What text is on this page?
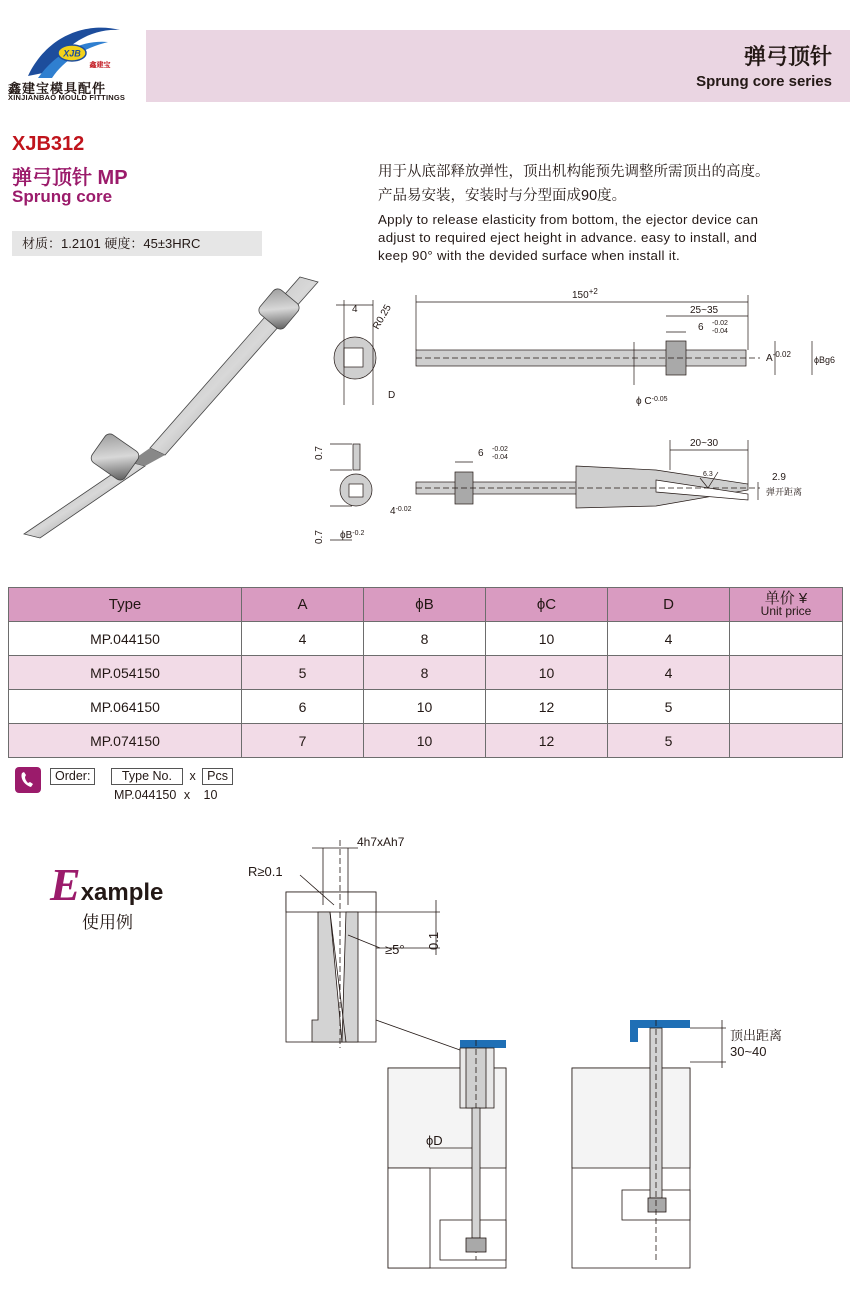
XJB
鑫建宝
鑫建宝模具配件
XINJIANBAO MOULD FITTINGS
弹弓顶针
Sprung core series
XJB312
弹弓顶针 MP
Sprung core
材质：1.2101 硬度：45±3HRC
用于从底部释放弹性，顶出机构能预先调整所需顶出的高度。
产品易安装，安装时与分型面成90度。
Apply to release elasticity from bottom, the ejector device can
adjust to required eject height in advance. easy to install, and
keep 90° with the devided surface when install it.
4 R0.25
D
$150^{+2}$
25~35
6 -0.02
-0.04
$A^{-0.02}$
ϕBg6
ϕ $C^{-0.05}$
0.7
0.7
$4^{-0.02}$
$\phi B^{-0.2}$
20~30
6 -0.02
-0.04
6.3	2.9
弹开距离
Type	A	ϕB	ϕC	D	单价 ¥
Unit price

MP.044150	4	8	10	4	
MP.054150	5	8	10	4	
MP.064150	6	10	12	5	
MP.074150	7	10	12	5	
Order:	Type No. x Pcs
MP.044150 x 10
Example
使用例
4h7xAh7
R≥0.1
≥5° 0.1
ϕD
顶出距离
30~40
